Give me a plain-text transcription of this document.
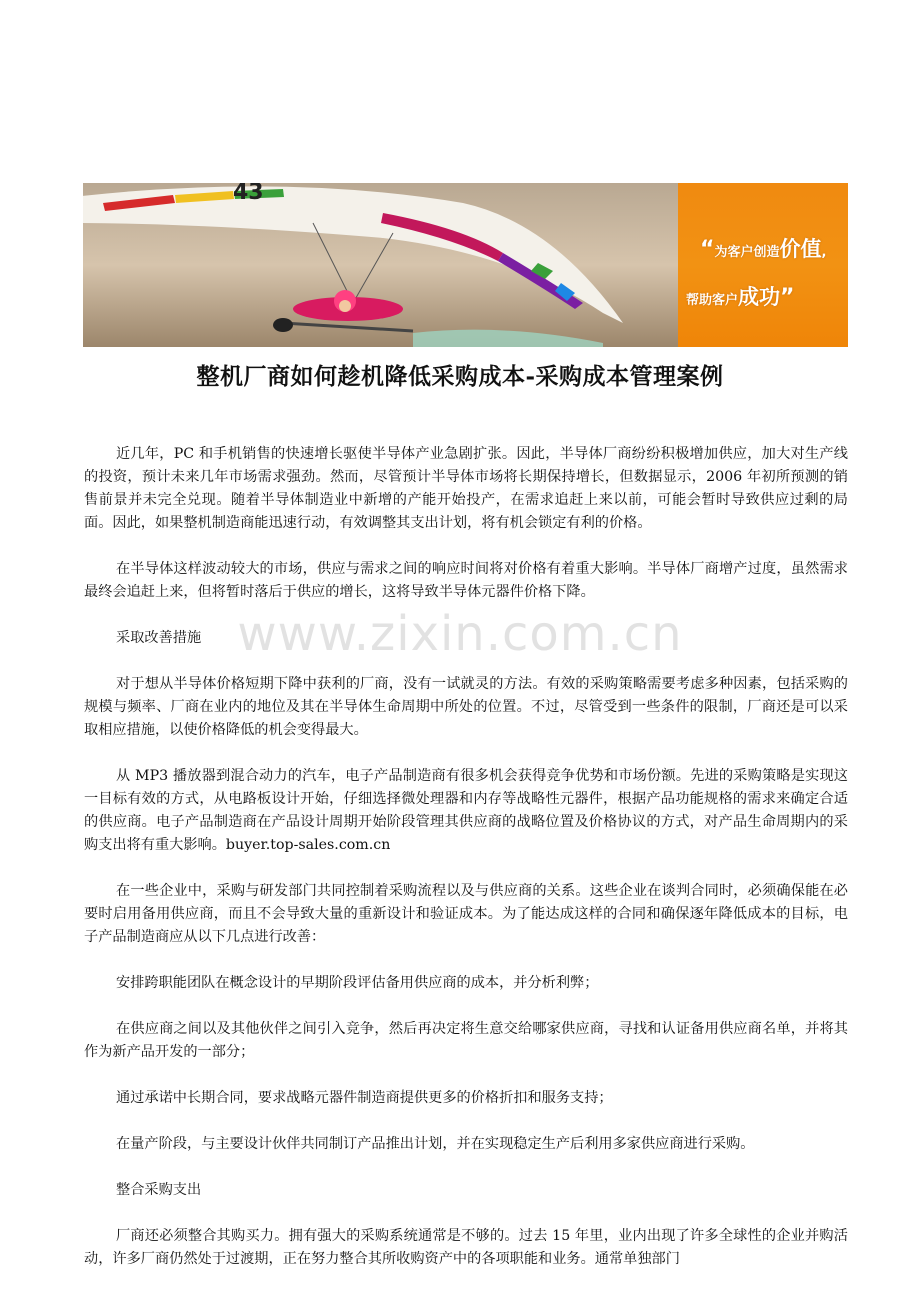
43
“为客户创造价值,
帮助客户成功”
整机厂商如何趁机降低采购成本-采购成本管理案例

近几年，PC 和手机销售的快速增长驱使半导体产业急剧扩张。因此，半导体厂商纷纷积极增加供应，加大对生产线的投资，预计未来几年市场需求强劲。然而，尽管预计半导体市场将长期保持增长，但数据显示，2006 年初所预测的销售前景并未完全兑现。随着半导体制造业中新增的产能开始投产，在需求追赶上来以前，可能会暂时导致供应过剩的局面。因此，如果整机制造商能迅速行动，有效调整其支出计划，将有机会锁定有利的价格。

在半导体这样波动较大的市场，供应与需求之间的响应时间将对价格有着重大影响。半导体厂商增产过度，虽然需求最终会追赶上来，但将暂时落后于供应的增长，这将导致半导体元器件价格下降。

采取改善措施

对于想从半导体价格短期下降中获利的厂商，没有一试就灵的方法。有效的采购策略需要考虑多种因素，包括采购的规模与频率、厂商在业内的地位及其在半导体生命周期中所处的位置。不过，尽管受到一些条件的限制，厂商还是可以采取相应措施，以使价格降低的机会变得最大。

从 MP3 播放器到混合动力的汽车，电子产品制造商有很多机会获得竞争优势和市场份额。先进的采购策略是实现这一目标有效的方式，从电路板设计开始，仔细选择微处理器和内存等战略性元器件，根据产品功能规格的需求来确定合适的供应商。电子产品制造商在产品设计周期开始阶段管理其供应商的战略位置及价格协议的方式，对产品生命周期内的采购支出将有重大影响。buyer.top-sales.com.cn

在一些企业中，采购与研发部门共同控制着采购流程以及与供应商的关系。这些企业在谈判合同时，必须确保能在必要时启用备用供应商，而且不会导致大量的重新设计和验证成本。为了能达成这样的合同和确保逐年降低成本的目标，电子产品制造商应从以下几点进行改善：

安排跨职能团队在概念设计的早期阶段评估备用供应商的成本，并分析利弊；

在供应商之间以及其他伙伴之间引入竞争，然后再决定将生意交给哪家供应商，寻找和认证备用供应商名单，并将其作为新产品开发的一部分；

通过承诺中长期合同，要求战略元器件制造商提供更多的价格折扣和服务支持；

在量产阶段，与主要设计伙伴共同制订产品推出计划，并在实现稳定生产后利用多家供应商进行采购。

整合采购支出

厂商还必须整合其购买力。拥有强大的采购系统通常是不够的。过去 15 年里，业内出现了许多全球性的企业并购活动，许多厂商仍然处于过渡期，正在努力整合其所收购资产中的各项职能和业务。通常单独部门

www.zixin.com.cn
